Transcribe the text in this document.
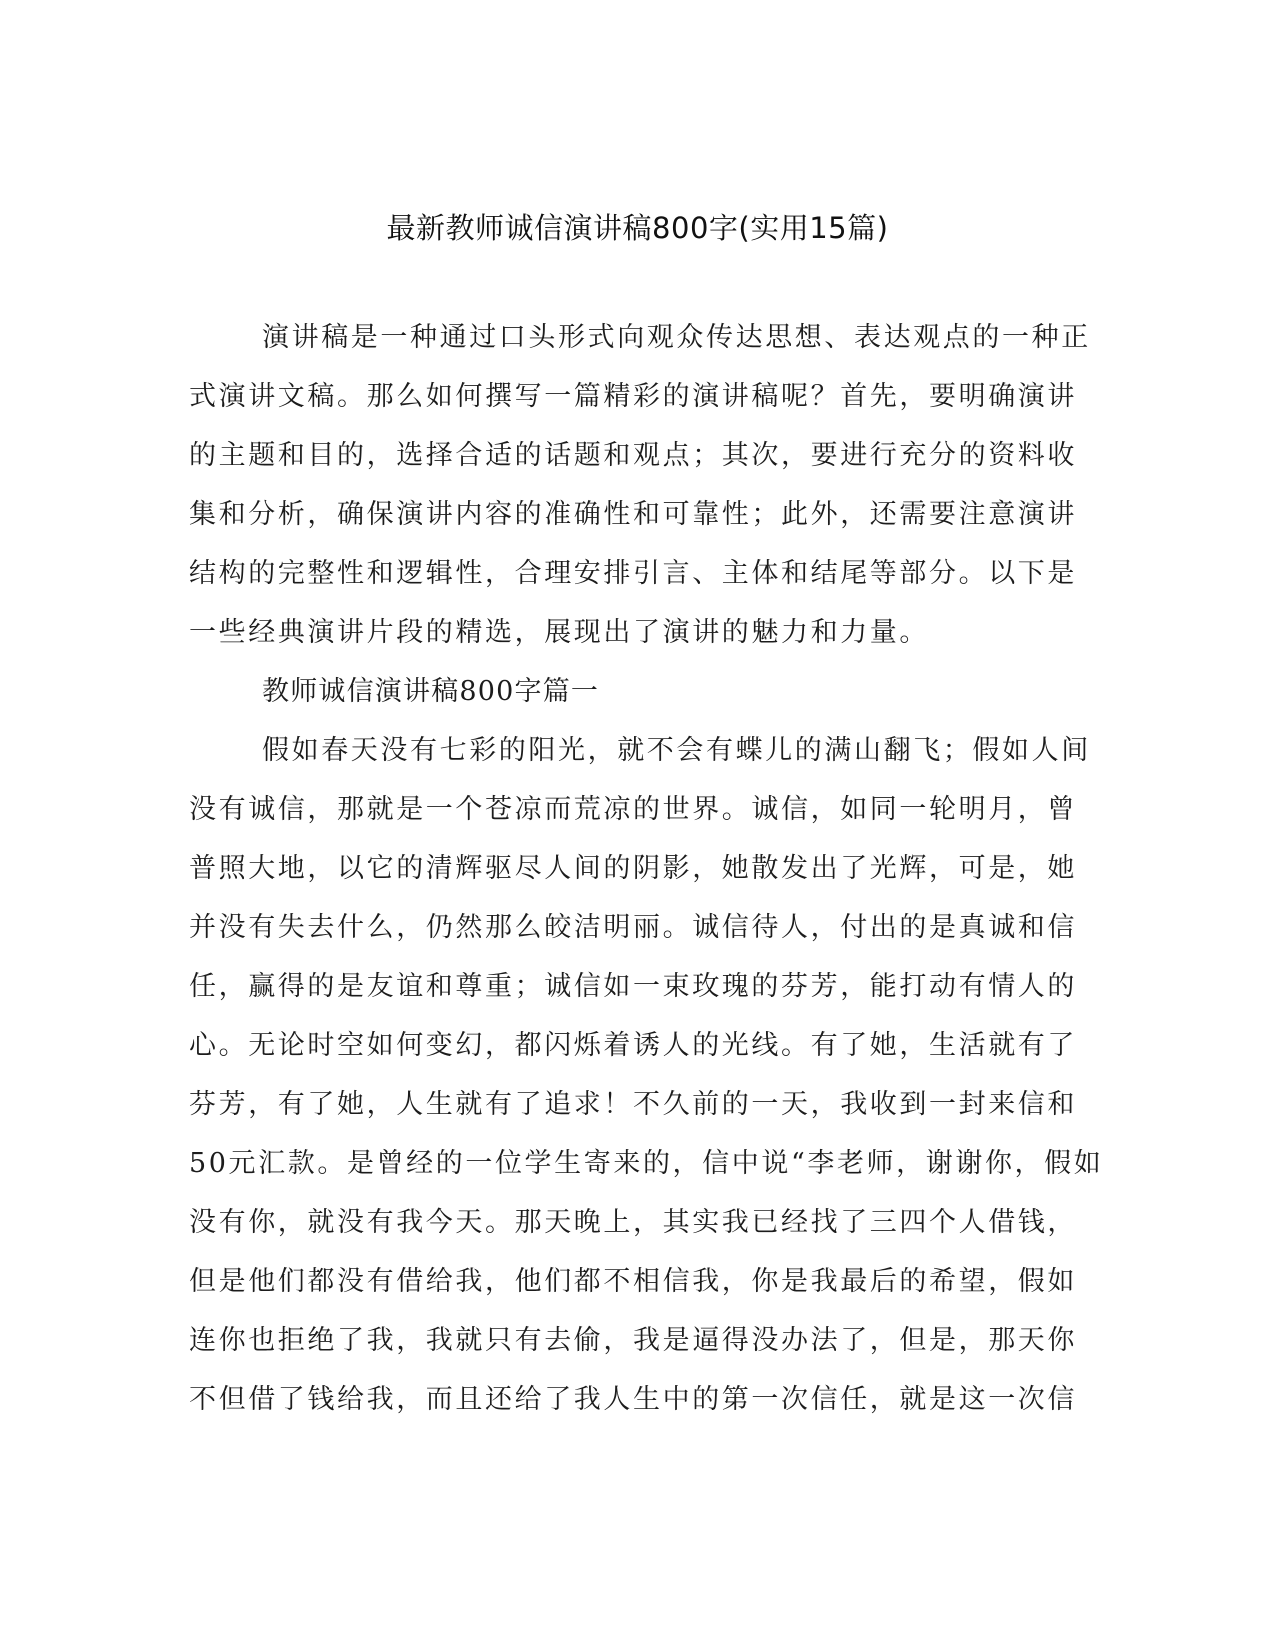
最新教师诚信演讲稿800字(实用15篇)
演讲稿是一种通过口头形式向观众传达思想、表达观点的一种正
式演讲文稿。那么如何撰写一篇精彩的演讲稿呢？首先，要明确演讲
的主题和目的，选择合适的话题和观点；其次，要进行充分的资料收
集和分析，确保演讲内容的准确性和可靠性；此外，还需要注意演讲
结构的完整性和逻辑性，合理安排引言、主体和结尾等部分。以下是
一些经典演讲片段的精选，展现出了演讲的魅力和力量。
教师诚信演讲稿800字篇一
假如春天没有七彩的阳光，就不会有蝶儿的满山翻飞；假如人间
没有诚信，那就是一个苍凉而荒凉的世界。诚信，如同一轮明月，曾
普照大地，以它的清辉驱尽人间的阴影，她散发出了光辉，可是，她
并没有失去什么，仍然那么皎洁明丽。诚信待人，付出的是真诚和信
任，赢得的是友谊和尊重；诚信如一束玫瑰的芬芳，能打动有情人的
心。无论时空如何变幻，都闪烁着诱人的光线。有了她，生活就有了
芬芳，有了她，人生就有了追求！不久前的一天，我收到一封来信和
50元汇款。是曾经的一位学生寄来的，信中说“李老师，谢谢你，假如
没有你，就没有我今天。那天晚上，其实我已经找了三四个人借钱，
但是他们都没有借给我，他们都不相信我，你是我最后的希望，假如
连你也拒绝了我，我就只有去偷，我是逼得没办法了，但是，那天你
不但借了钱给我，而且还给了我人生中的第一次信任，就是这一次信
